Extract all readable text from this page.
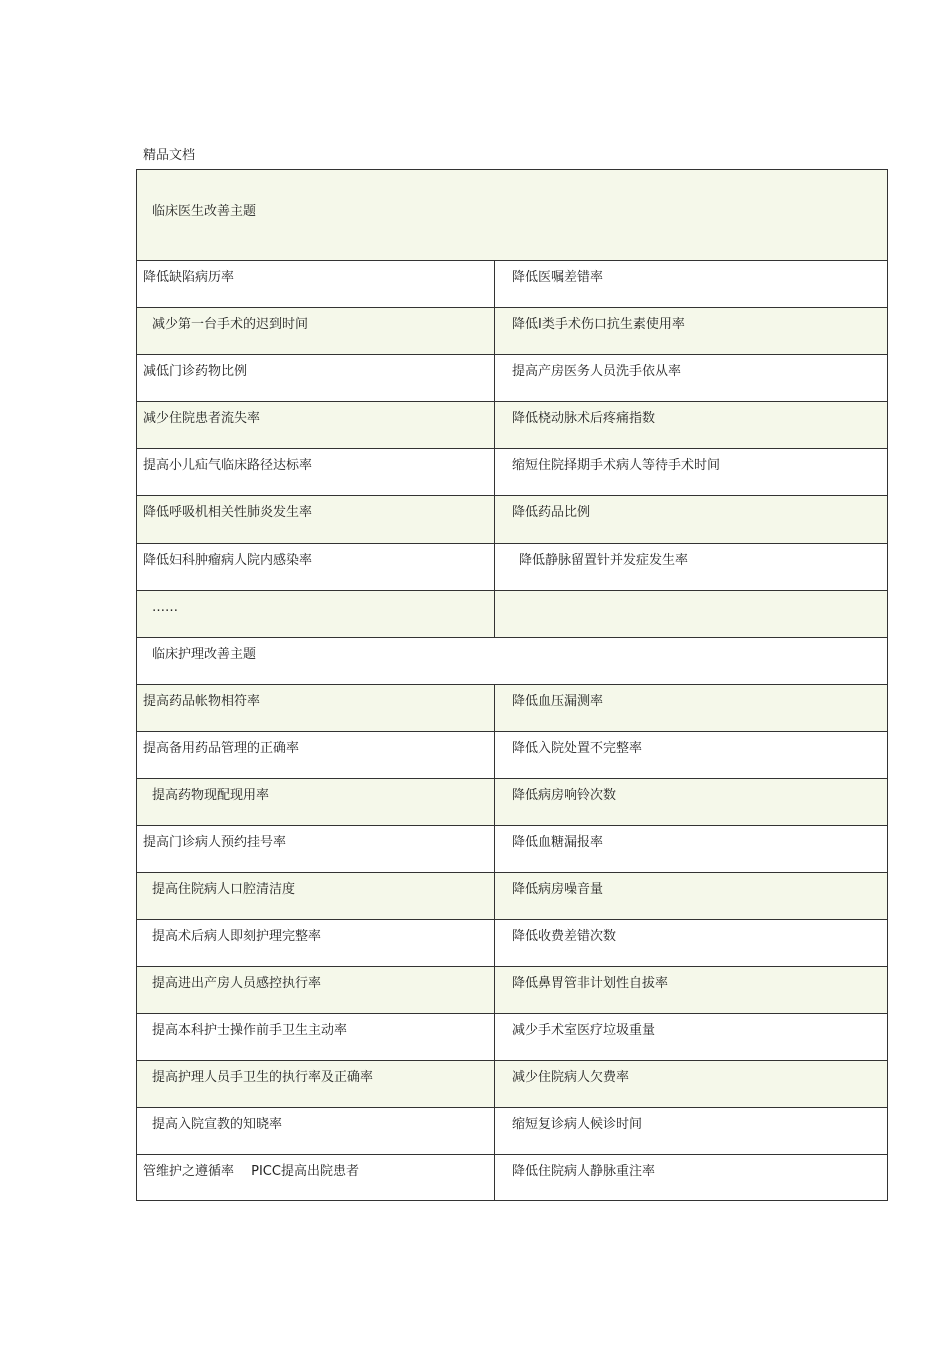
精品文档
临床医生改善主题
降低缺陷病历率	降低医嘱差错率
减少第一台手术的迟到时间	降低Ⅰ类手术伤口抗生素使用率
减低门诊药物比例	提高产房医务人员洗手依从率
减少住院患者流失率	降低桡动脉术后疼痛指数
提高小儿疝气临床路径达标率	缩短住院择期手术病人等待手术时间
降低呼吸机相关性肺炎发生率	降低药品比例
降低妇科肿瘤病人院内感染率	降低静脉留置针并发症发生率
……
临床护理改善主题
提高药品帐物相符率	降低血压漏测率
提高备用药品管理的正确率	降低入院处置不完整率
提高药物现配现用率	降低病房响铃次数
提高门诊病人预约挂号率	降低血糖漏报率
提高住院病人口腔清洁度	降低病房噪音量
提高术后病人即刻护理完整率	降低收费差错次数
提高进出产房人员感控执行率	降低鼻胃管非计划性自拔率
提高本科护士操作前手卫生主动率	减少手术室医疗垃圾重量
提高护理人员手卫生的执行率及正确率	减少住院病人欠费率
提高入院宣教的知晓率	缩短复诊病人候诊时间
管维护之遵循率　 PICC提高出院患者	降低住院病人静脉重注率
